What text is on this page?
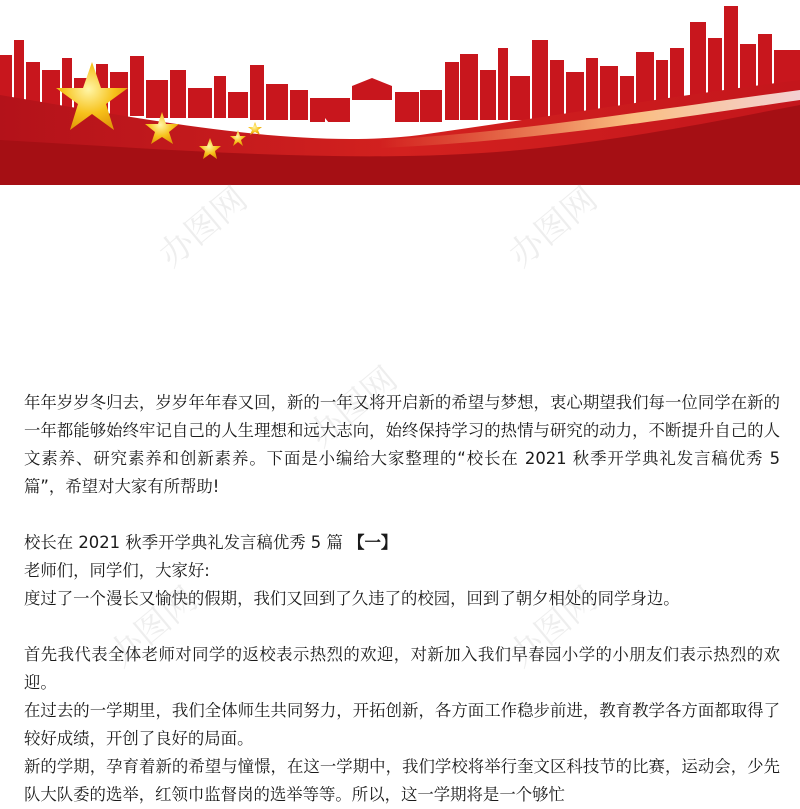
办图网	办图网
办图网
办图网	办图网

年年岁岁冬归去，岁岁年年春又回，新的一年又将开启新的希望与梦想，衷心期望我们每一位同学在新的一年都能够始终牢记自己的人生理想和远大志向，始终保持学习的热情与研究的动力，不断提升自己的人文素养、研究素养和创新素养。下面是小编给大家整理的“校长在 2021 秋季开学典礼发言稿优秀 5 篇”，希望对大家有所帮助!

校长在 2021 秋季开学典礼发言稿优秀 5 篇 【一】

老师们，同学们，大家好:

度过了一个漫长又愉快的假期，我们又回到了久违了的校园，回到了朝夕相处的同学身边。

首先我代表全体老师对同学的返校表示热烈的欢迎，对新加入我们早春园小学的小朋友们表示热烈的欢迎。

在过去的一学期里，我们全体师生共同努力，开拓创新，各方面工作稳步前进，教育教学各方面都取得了较好成绩，开创了良好的局面。

新的学期，孕育着新的希望与憧憬，在这一学期中，我们学校将举行奎文区科技节的比赛，运动会，少先队大队委的选举，红领巾监督岗的选举等等。所以，这一学期将是一个够忙
